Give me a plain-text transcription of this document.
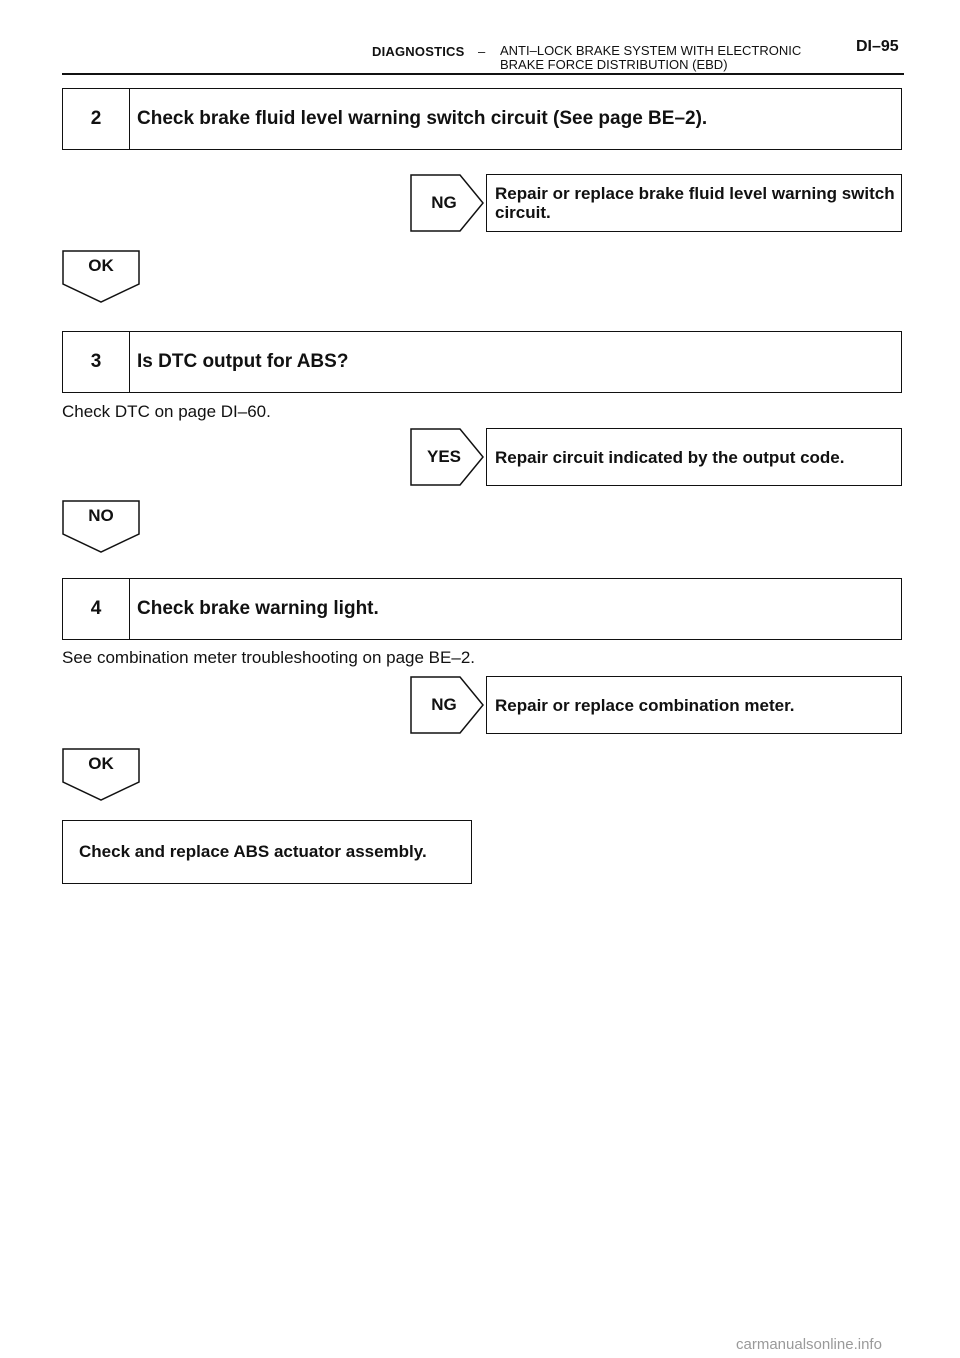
DIAGNOSTICS – ANTI–LOCK BRAKE SYSTEM WITH ELECTRONIC
BRAKE FORCE DISTRIBUTION (EBD)
DI–95
2	Check brake fluid level warning switch circuit (See page BE–2).
NG	Repair or replace brake fluid level warning switch circuit.
OK
3	Is DTC output for ABS?
Check DTC on page DI–60.
YES	Repair circuit indicated by the output code.
NO
4	Check brake warning light.
See combination meter troubleshooting on page BE–2.
NG	Repair or replace combination meter.
OK
Check and replace ABS actuator assembly.
carmanualsonline.info
